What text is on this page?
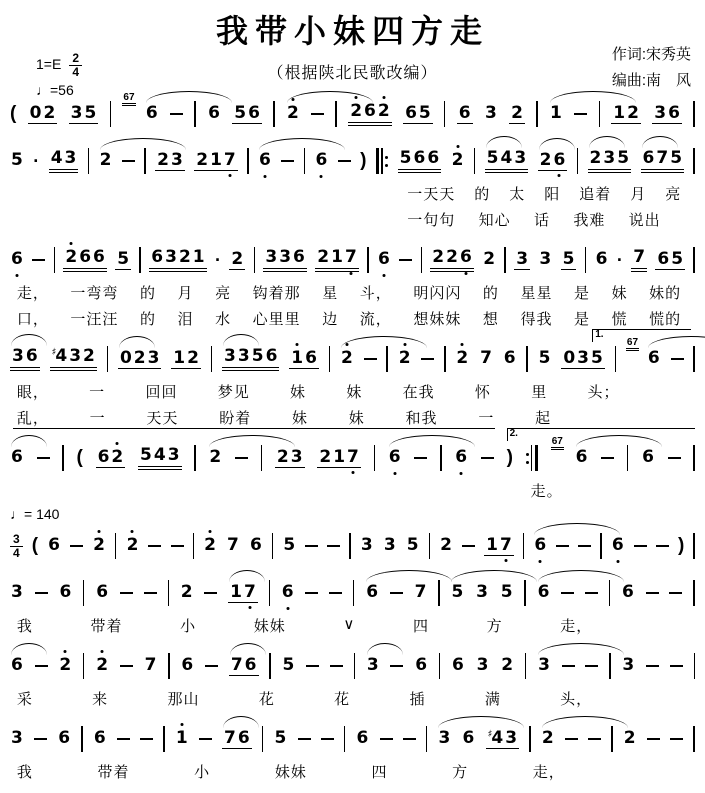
我带小妹四方走
（根据陕北民歌改编）
作词:宋秀英
编曲:南　风
$1=E \frac{2}{4}$
♩=56
( 0 2 3 5
67
6	6 5 6 2	2 6 2 6 5 6 3 2 1	1 2 3 6
5 · 4 3 2	2 3 2 1 7 6	6 ) 5 6 6 2 5 4 3 2 6 2 3 5 6 7 5
一天天 的 太 阳 追着 月 亮
一句句 知心 话 我难 说出
6	2 6 6 5 6 3 2 1 · 2 3 3 6 2 1 7 6	2 2 6 2 3 3 5 6 · 7 6 5
走， 一弯弯 的 月 亮 钩着那 星 斗， 明闪闪 的 星星 是 妹 妹的
口， 一汪汪 的 泪 水 心里里 边 流， 想妹妹 想 得我 是 慌 慌的
1.
3 6 ♯4 3 2 0 2 3 1 2 3 3 5 6 1 6 2	2	2 7 6 5 0 3 5
67
6
眼，	一	回回	梦见	妹	妹	在我	怀	里	头；
乱，	一	天天	盼着	妹	妹	和我	一	起
2.
6	( 6 2 5 4 3 2	2 3 2 1 7 6	6 )
67
6	6
走。
♩= 140
$\frac{3}{4}$ ( 6 2 2	2 7 6 5	3 3 5 2 1 7 6	6	)
3 6 6	2 1 7 6	6 7 5 3 5 6	6
我	带着	小	妹妹	∨	四	方	走，
6 2 2 7 6 7 6 5	3 6 6 3 2 3	3
采	来	那山	花	花	插	满	头，
3 6 6	1 7 6 5	6	3 6 ♯4 3 2	2
我	带着	小	妹妹	四	方	走，
